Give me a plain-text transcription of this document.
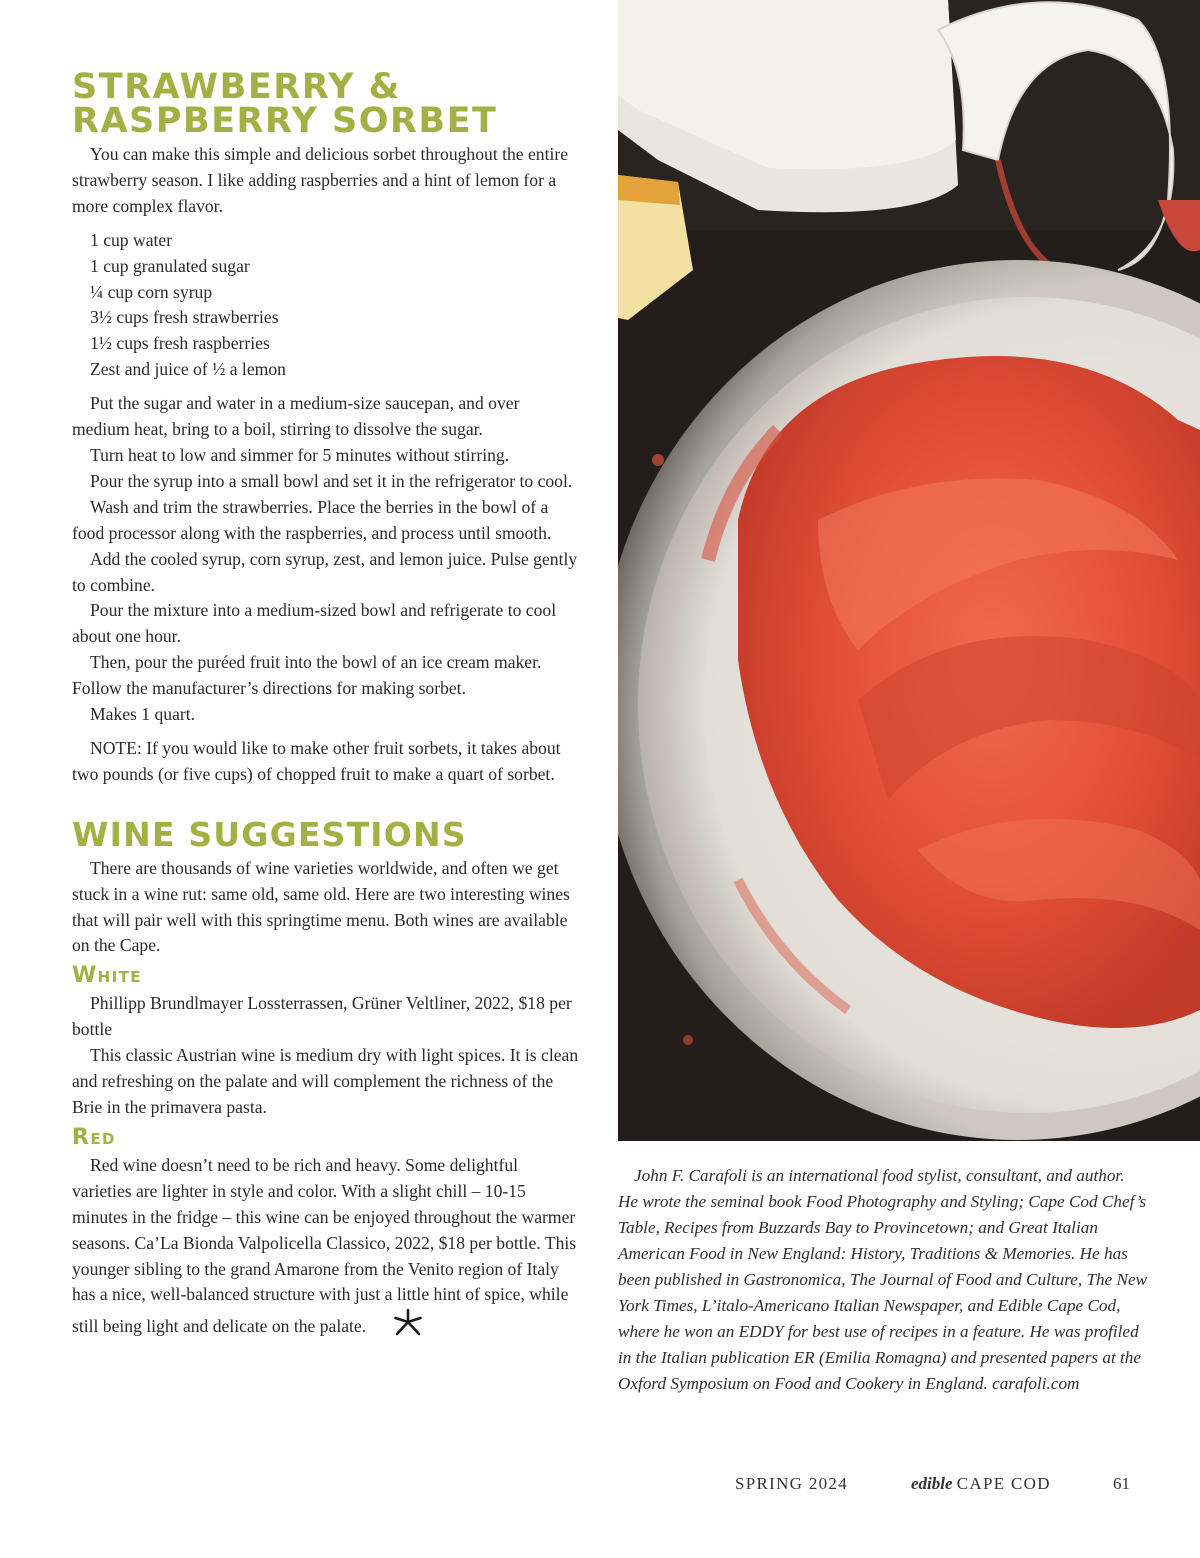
STRAWBERRY &
RASPBERRY SORBET

You can make this simple and delicious sorbet throughout the entire strawberry season. I like adding raspberries and a hint of lemon for a more complex flavor.

1 cup water
1 cup granulated sugar
¼ cup corn syrup
3½ cups fresh strawberries
1½ cups fresh raspberries
Zest and juice of ½ a lemon

Put the sugar and water in a medium-size saucepan, and over medium heat, bring to a boil, stirring to dissolve the sugar.

Turn heat to low and simmer for 5 minutes without stirring.

Pour the syrup into a small bowl and set it in the refrigerator to cool.

Wash and trim the strawberries. Place the berries in the bowl of a food processor along with the raspberries, and process until smooth.

Add the cooled syrup, corn syrup, zest, and lemon juice. Pulse gently to combine.

Pour the mixture into a medium-sized bowl and refrigerate to cool about one hour.

Then, pour the puréed fruit into the bowl of an ice cream maker. Follow the manufacturer’s directions for making sorbet.

Makes 1 quart.

NOTE: If you would like to make other fruit sorbets, it takes about two pounds (or five cups) of chopped fruit to make a quart of sorbet.

WINE SUGGESTIONS

There are thousands of wine varieties worldwide, and often we get stuck in a wine rut: same old, same old. Here are two interesting wines that will pair well with this springtime menu. Both wines are available on the Cape.

White

Phillipp Brundlmayer Lossterrassen, Grüner Veltliner, 2022, $18 per bottle

This classic Austrian wine is medium dry with light spices. It is clean and refreshing on the palate and will complement the richness of the Brie in the primavera pasta.

Red

Red wine doesn’t need to be rich and heavy. Some delightful varieties are lighter in style and color. With a slight chill – 10-15 minutes in the fridge – this wine can be enjoyed throughout the warmer seasons. Ca’La Bionda Valpolicella Classico, 2022, $18 per bottle. This younger sibling to the grand Amarone from the Venito region of Italy has a nice, well-balanced structure with just a little hint of spice, while still being light and delicate on the palate.

John F. Carafoli is an international food stylist, consultant, and author. He wrote the seminal book Food Photography and Styling; Cape Cod Chef’s Table, Recipes from Buzzards Bay to Provincetown; and Great Italian American Food in New England: History, Traditions & Memories. He has been published in Gastronomica, The Journal of Food and Culture, The New York Times, L’italo-Americano Italian Newspaper, and Edible Cape Cod, where he won an EDDY for best use of recipes in a feature. He was profiled in the Italian publication ER (Emilia Romagna) and presented papers at the Oxford Symposium on Food and Cookery in England. carafoli.com

SPRING 2024	edible CAPE COD	61
